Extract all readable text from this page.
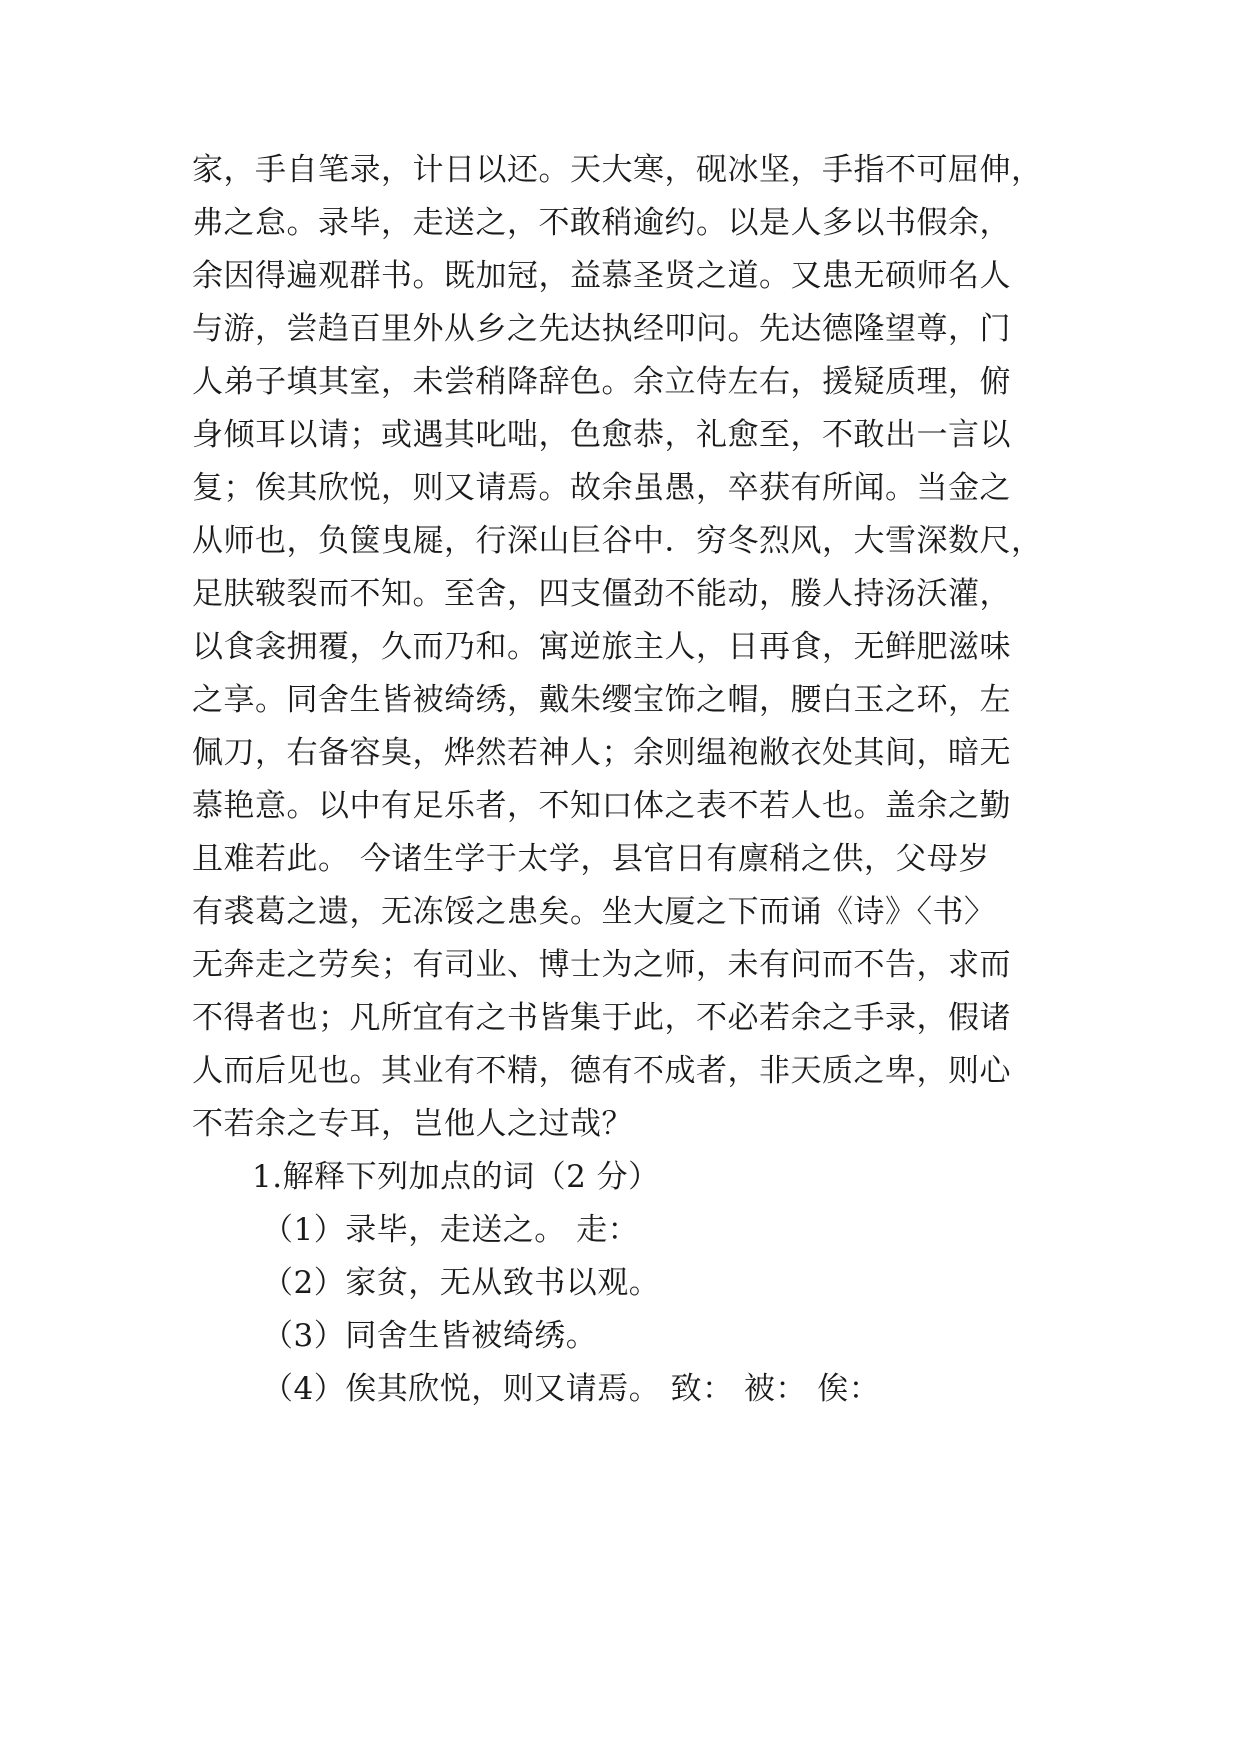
家，手自笔录，计日以还。天大寒，砚冰坚，手指不可屈伸，
弗之怠。录毕，走送之，不敢稍逾约。以是人多以书假余，
余因得遍观群书。既加冠，益慕圣贤之道。又患无硕师名人
与游，尝趋百里外从乡之先达执经叩问。先达德隆望尊，门
人弟子填其室，未尝稍降辞色。余立侍左右，援疑质理，俯
身倾耳以请；或遇其叱咄，色愈恭，礼愈至，不敢出一言以
复；俟其欣悦，则又请焉。故余虽愚，卒获有所闻。当金之
从师也，负箧曳屣，行深山巨谷中．穷冬烈风，大雪深数尺，
足肤皲裂而不知。至舍，四支僵劲不能动，媵人持汤沃灌，
以食衾拥覆，久而乃和。寓逆旅主人，日再食，无鲜肥滋味
之享。同舍生皆被绮绣，戴朱缨宝饰之帽，腰白玉之环，左
佩刀，右备容臭，烨然若神人；余则缊袍敝衣处其间，暗无
慕艳意。以中有足乐者，不知口体之表不若人也。盖余之勤
且难若此。 今诸生学于太学，县官日有廪稍之供，父母岁
有裘葛之遗，无冻馁之患矣。坐大厦之下而诵《诗》〈书〉
无奔走之劳矣；有司业、博士为之师，未有问而不告，求而
不得者也；凡所宜有之书皆集于此，不必若余之手录，假诸
人而后见也。其业有不精，德有不成者，非天质之卑，则心
不若余之专耳，岂他人之过哉？
1.解释下列加点的词（2 分）
（1）录毕，走送之。 走：
（2）家贫，无从致书以观。
（3）同舍生皆被绮绣。
（4）俟其欣悦，则又请焉。 致： 被： 俟：
